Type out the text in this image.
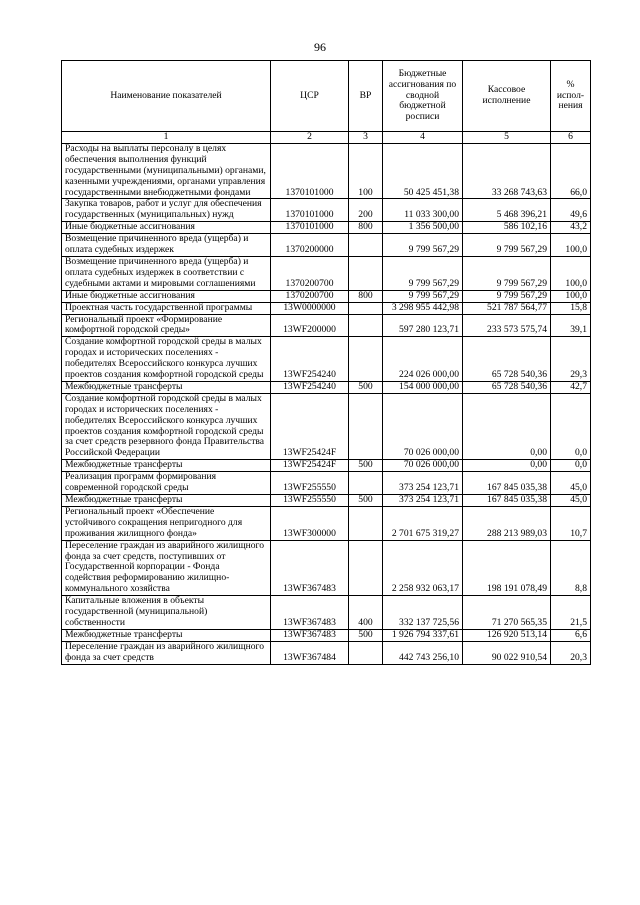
96
Наименование показателей	ЦСР	ВР	Бюджетные ассигнования по сводной бюджетной росписи	Кассовое исполнение	% испол-нения
1	2	3	4	5	6
Расходы на выплаты персоналу в целях обеспечения выполнения функций государственными (муниципальными) органами, казенными учреждениями, органами управления государственными внебюджетными фондами	1370101000	100	50 425 451,38	33 268 743,63	66,0
Закупка товаров, работ и услуг для обеспечения государственных (муниципальных) нужд	1370101000	200	11 033 300,00	5 468 396,21	49,6
Иные бюджетные ассигнования	1370101000	800	1 356 500,00	586 102,16	43,2
Возмещение причиненного вреда (ущерба) и оплата судебных издержек	1370200000		9 799 567,29	9 799 567,29	100,0
Возмещение причиненного вреда (ущерба) и оплата судебных издержек в соответствии с судебными актами и мировыми соглашениями	1370200700		9 799 567,29	9 799 567,29	100,0
Иные бюджетные ассигнования	1370200700	800	9 799 567,29	9 799 567,29	100,0
Проектная часть государственной программы	13W0000000		3 298 955 442,98	521 787 564,77	15,8
Региональный проект «Формирование комфортной городской среды»	13WF200000		597 280 123,71	233 573 575,74	39,1
Создание комфортной городской среды в малых городах и исторических поселениях - победителях Всероссийского конкурса лучших проектов создания комфортной городской среды	13WF254240		224 026 000,00	65 728 540,36	29,3
Межбюджетные трансферты	13WF254240	500	154 000 000,00	65 728 540,36	42,7
Создание комфортной городской среды в малых городах и исторических поселениях - победителях Всероссийского конкурса лучших проектов создания комфортной городской среды за счет средств резервного фонда Правительства Российской Федерации	13WF25424F		70 026 000,00	0,00	0,0
Межбюджетные трансферты	13WF25424F	500	70 026 000,00	0,00	0,0
Реализация программ формирования современной городской среды	13WF255550		373 254 123,71	167 845 035,38	45,0
Межбюджетные трансферты	13WF255550	500	373 254 123,71	167 845 035,38	45,0
Региональный проект «Обеспечение устойчивого сокращения непригодного для проживания жилищного фонда»	13WF300000		2 701 675 319,27	288 213 989,03	10,7
Переселение граждан из аварийного жилищного фонда за счет средств, поступивших от Государственной корпорации - Фонда содействия реформированию жилищно-коммунального хозяйства	13WF367483		2 258 932 063,17	198 191 078,49	8,8
Капитальные вложения в объекты государственной (муниципальной) собственности	13WF367483	400	332 137 725,56	71 270 565,35	21,5
Межбюджетные трансферты	13WF367483	500	1 926 794 337,61	126 920 513,14	6,6
Переселение граждан из аварийного жилищного фонда за счет средств	13WF367484		442 743 256,10	90 022 910,54	20,3
